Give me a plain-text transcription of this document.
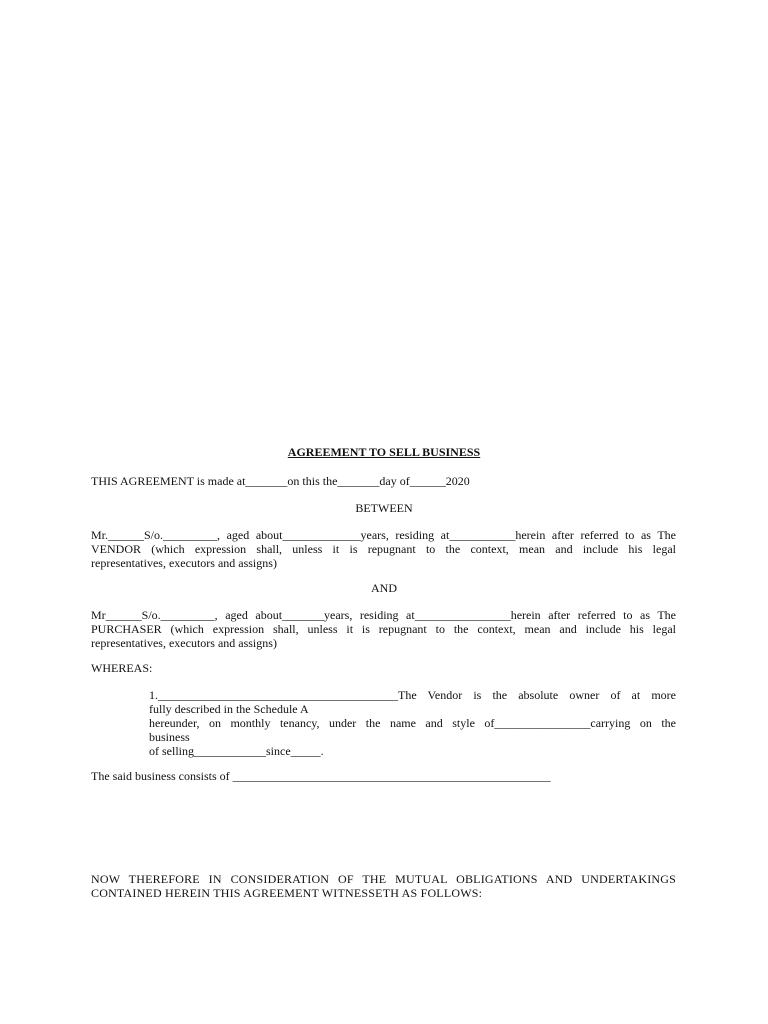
AGREEMENT TO SELL BUSINESS
THIS AGREEMENT is made at_______on this the_______day of______2020
BETWEEN
Mr.______S/o._________, aged about_____________years, residing at___________herein after referred to as The
VENDOR (which expression shall, unless it is repugnant to the context, mean and include his legal
representatives, executors and assigns)
AND
Mr______S/o._________, aged about_______years, residing at________________herein after referred to as The
PURCHASER (which expression shall, unless it is repugnant to the context, mean and include his legal
representatives, executors and assigns)
WHEREAS:
1.________________________________________The Vendor is the absolute owner of at more
fully described in the Schedule A
hereunder, on monthly tenancy, under the name and style of________________carrying on the
business
of selling____________since_____.
The said business consists of _____________________________________________________
NOW THEREFORE IN CONSIDERATION OF THE MUTUAL OBLIGATIONS AND UNDERTAKINGS
CONTAINED HEREIN THIS AGREEMENT WITNESSETH AS FOLLOWS:
